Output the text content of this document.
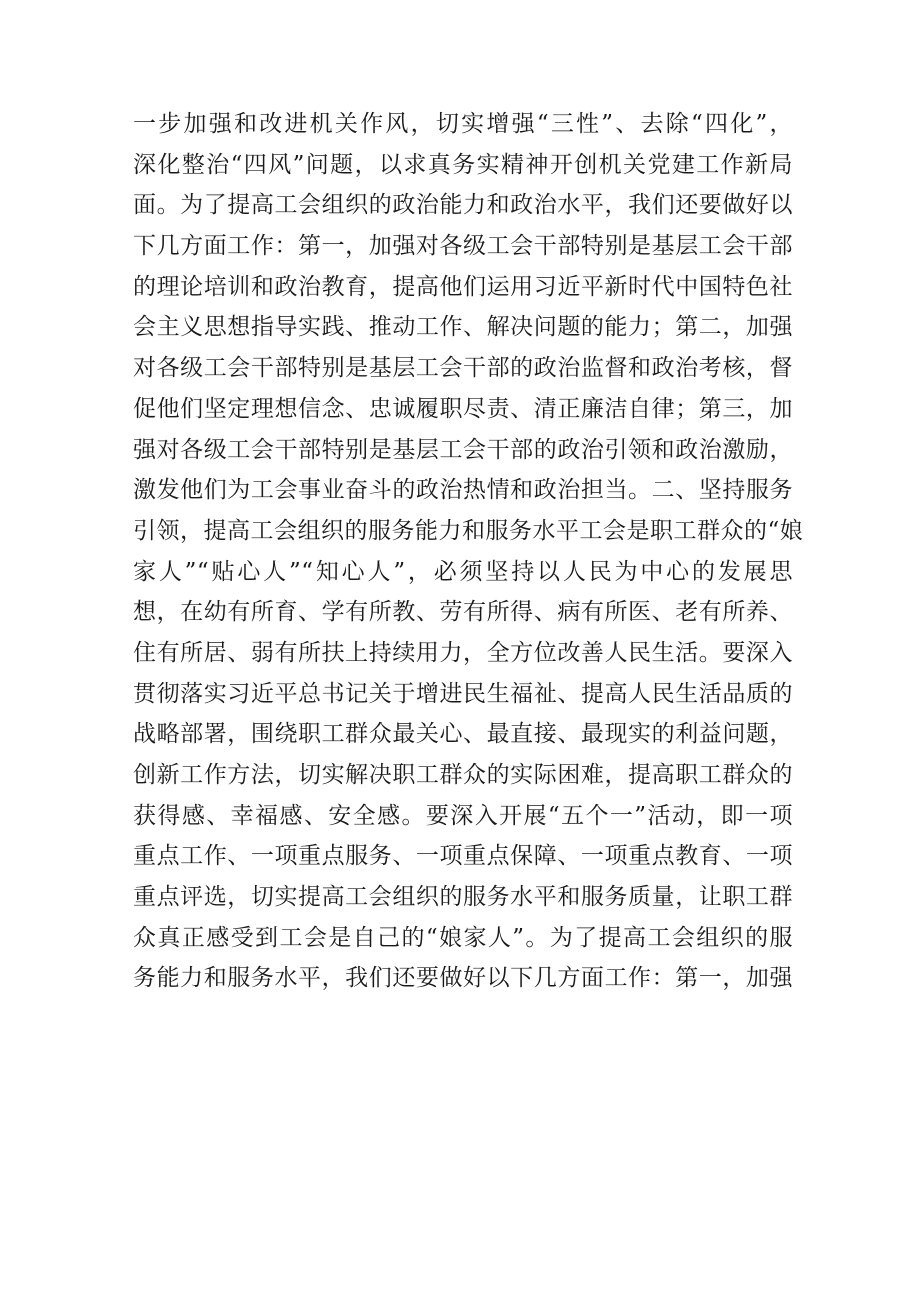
一步加强和改进机关作风，切实增强“三性”、去除“四化”，
深化整治“四风”问题，以求真务实精神开创机关党建工作新局
面。为了提高工会组织的政治能力和政治水平，我们还要做好以
下几方面工作：第一，加强对各级工会干部特别是基层工会干部
的理论培训和政治教育，提高他们运用习近平新时代中国特色社
会主义思想指导实践、推动工作、解决问题的能力；第二，加强
对各级工会干部特别是基层工会干部的政治监督和政治考核，督
促他们坚定理想信念、忠诚履职尽责、清正廉洁自律；第三，加
强对各级工会干部特别是基层工会干部的政治引领和政治激励，
激发他们为工会事业奋斗的政治热情和政治担当。二、坚持服务
引领，提高工会组织的服务能力和服务水平工会是职工群众的“娘
家人”“贴心人”“知心人”，必须坚持以人民为中心的发展思
想，在幼有所育、学有所教、劳有所得、病有所医、老有所养、
住有所居、弱有所扶上持续用力，全方位改善人民生活。要深入
贯彻落实习近平总书记关于增进民生福祉、提高人民生活品质的
战略部署，围绕职工群众最关心、最直接、最现实的利益问题，
创新工作方法，切实解决职工群众的实际困难，提高职工群众的
获得感、幸福感、安全感。要深入开展“五个一”活动，即一项
重点工作、一项重点服务、一项重点保障、一项重点教育、一项
重点评选，切实提高工会组织的服务水平和服务质量，让职工群
众真正感受到工会是自己的“娘家人”。为了提高工会组织的服
务能力和服务水平，我们还要做好以下几方面工作：第一，加强
